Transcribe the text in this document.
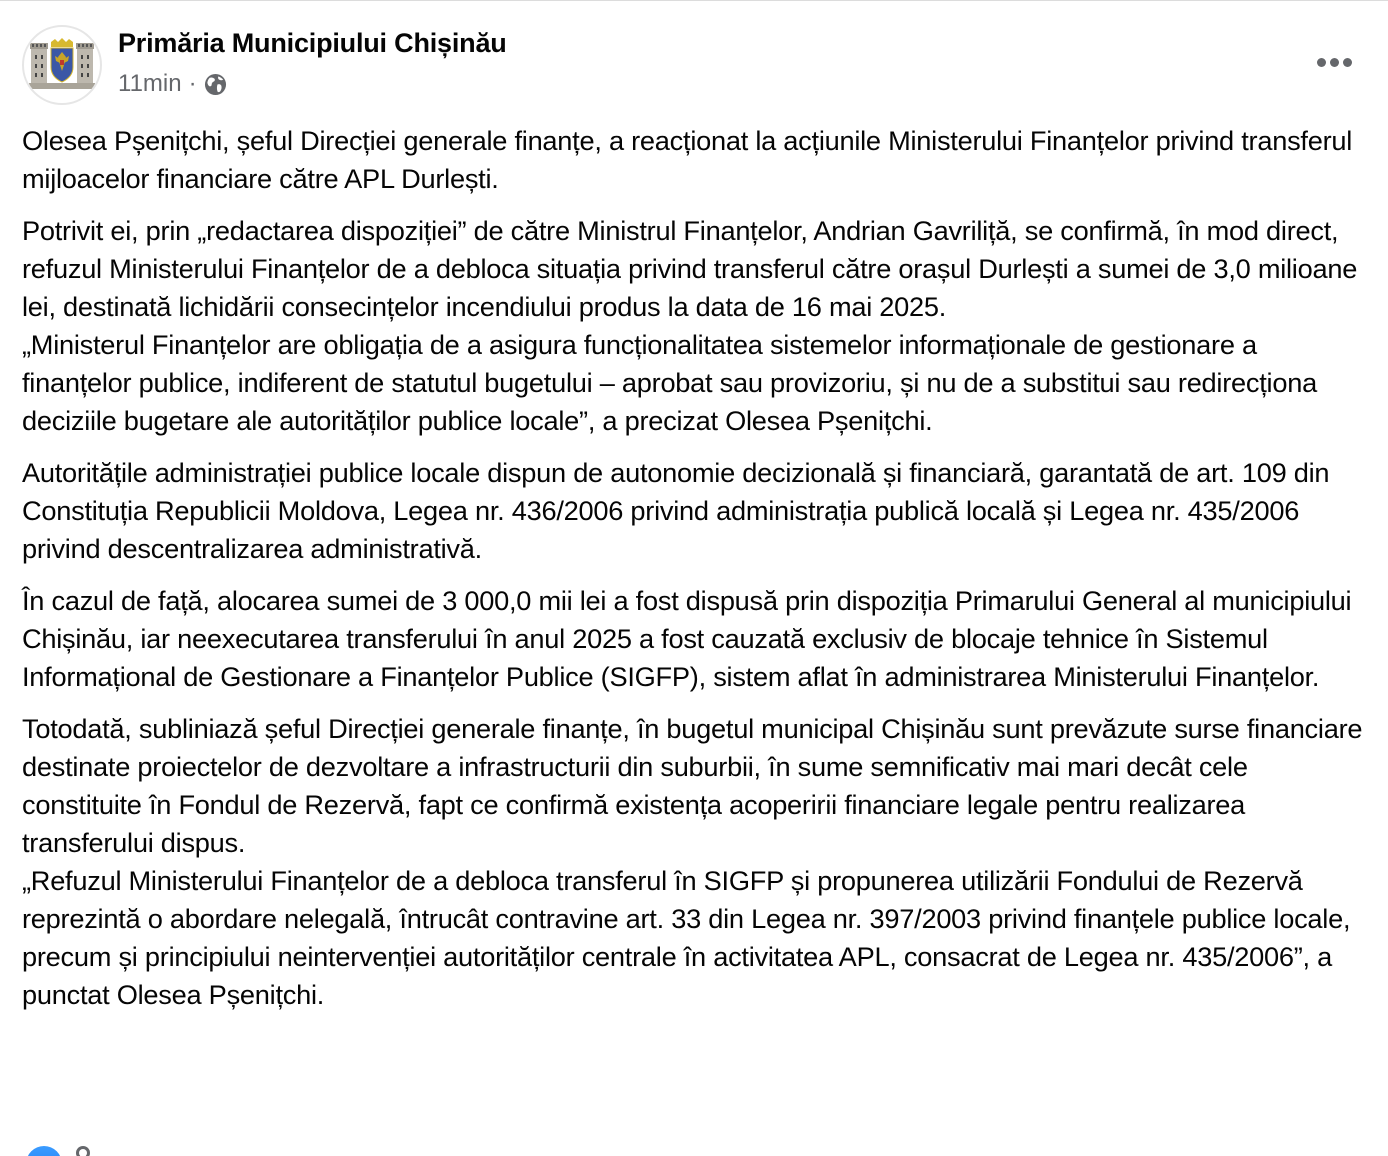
Primăria Municipiului Chișinău
11min ·

Olesea Pșenițchi, șeful Direcției generale finanțe, a reacționat la acțiunile Ministerului Finanțelor privind transferul mijloacelor financiare către APL Durlești.

Potrivit ei, prin „redactarea dispoziției” de către Ministrul Finanțelor, Andrian Gavriliță, se confirmă, în mod direct, refuzul Ministerului Finanțelor de a debloca situația privind transferul către orașul Durlești a sumei de 3,0 milioane lei, destinată lichidării consecințelor incendiului produs la data de 16 mai 2025.

„Ministerul Finanțelor are obligația de a asigura funcționalitatea sistemelor informaționale de gestionare a finanțelor publice, indiferent de statutul bugetului – aprobat sau provizoriu, și nu de a substitui sau redirecționa deciziile bugetare ale autorităților publice locale”, a precizat Olesea Pșenițchi.

Autoritățile administrației publice locale dispun de autonomie decizională și financiară, garantată de art. 109 din Constituția Republicii Moldova, Legea nr. 436/2006 privind administrația publică locală și Legea nr. 435/2006 privind descentralizarea administrativă.

În cazul de față, alocarea sumei de 3 000,0 mii lei a fost dispusă prin dispoziția Primarului General al municipiului Chișinău, iar neexecutarea transferului în anul 2025 a fost cauzată exclusiv de blocaje tehnice în Sistemul Informațional de Gestionare a Finanțelor Publice (SIGFP), sistem aflat în administrarea Ministerului Finanțelor.

Totodată, subliniază șeful Direcției generale finanțe, în bugetul municipal Chișinău sunt prevăzute surse financiare destinate proiectelor de dezvoltare a infrastructurii din suburbii, în sume semnificativ mai mari decât cele constituite în Fondul de Rezervă, fapt ce confirmă existența acoperirii financiare legale pentru realizarea transferului dispus.

„Refuzul Ministerului Finanțelor de a debloca transferul în SIGFP și propunerea utilizării Fondului de Rezervă reprezintă o abordare nelegală, întrucât contravine art. 33 din Legea nr. 397/2003 privind finanțele publice locale, precum și principiului neintervenției autorităților centrale în activitatea APL, consacrat de Legea nr. 435/2006”, a punctat Olesea Pșenițchi.
